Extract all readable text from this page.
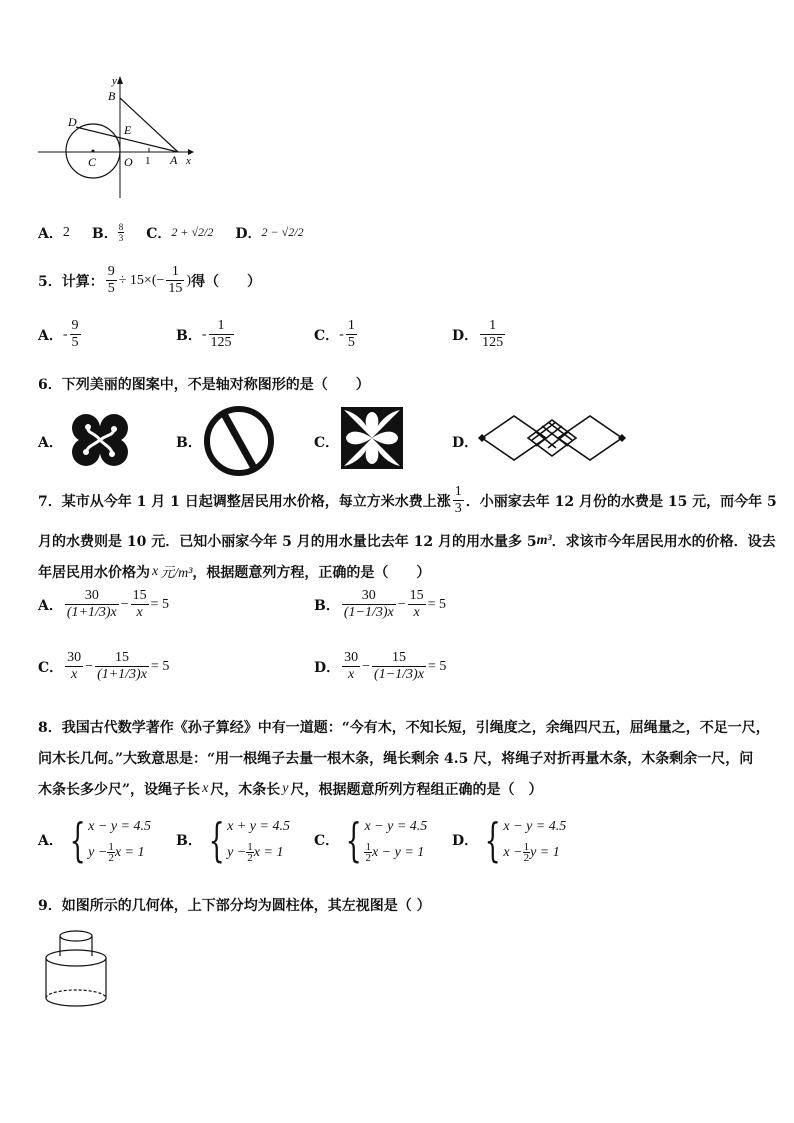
y
B
D
E
C O 1 A x
A． 2 B． $\frac{8}{3}$ C． 2 + √2/2 D． 2 − √2/2
5．计算： $\frac{9}{5} \div 15\times(- \frac{1}{15}$ ) 得（　　）
A． - $\frac{9}{5}$	B． - $\frac{1}{125}$	C． - $\frac{1}{5}$	D． $\frac{1}{125}$
6．下列美丽的图案中，不是轴对称图形的是（　　）
A．	B．	C．	D．
7．某市从今年 1 月 1 日起调整居民用水价格，每立方米水费上涨 $\frac{1}{3}$ ．小丽家去年 12 月份的水费是 15 元，而今年 5
月的水费则是 10 元．已知小丽家今年 5 月的用水量比去年 12 月的用水量多 5 m³ ．求该市今年居民用水的价格．设去
年居民用水价格为 x 元/m³ ，根据题意列方程，正确的是（　　）
A． $\frac{30}{(1+1/3)x} - \frac{15}{x} = 5$	B． $\frac{30}{(1-1/3)x} - \frac{15}{x} = 5$
C． $\frac{30}{x} - \frac{15}{(1+1/3)x} = 5$	D． $\frac{30}{x} - \frac{15}{(1-1/3)x} = 5$
8．我国古代数学著作《孙子算经》中有一道题：“今有木，不知长短，引绳度之，余绳四尺五，屈绳量之，不足一尺，
问木长几何。”大致意思是：“用一根绳子去量一根木条，绳长剩余 4.5 尺，将绳子对折再量木条，木条剩余一尺，问
木条长多少尺”，设绳子长 x 尺，木条长 y 尺，根据题意所列方程组正确的是（　）
A． { x − y = 4.5
$y - \frac{1}{2}$ x = 1
B． { x + y = 4.5
$y - \frac{1}{2}$ x = 1
C． { x − y = 4.5
$\frac{1}{2}$ x − y = 1
D． { x − y = 4.5
$x - \frac{1}{2}$ y = 1
9．如图所示的几何体，上下部分均为圆柱体，其左视图是（ ）
